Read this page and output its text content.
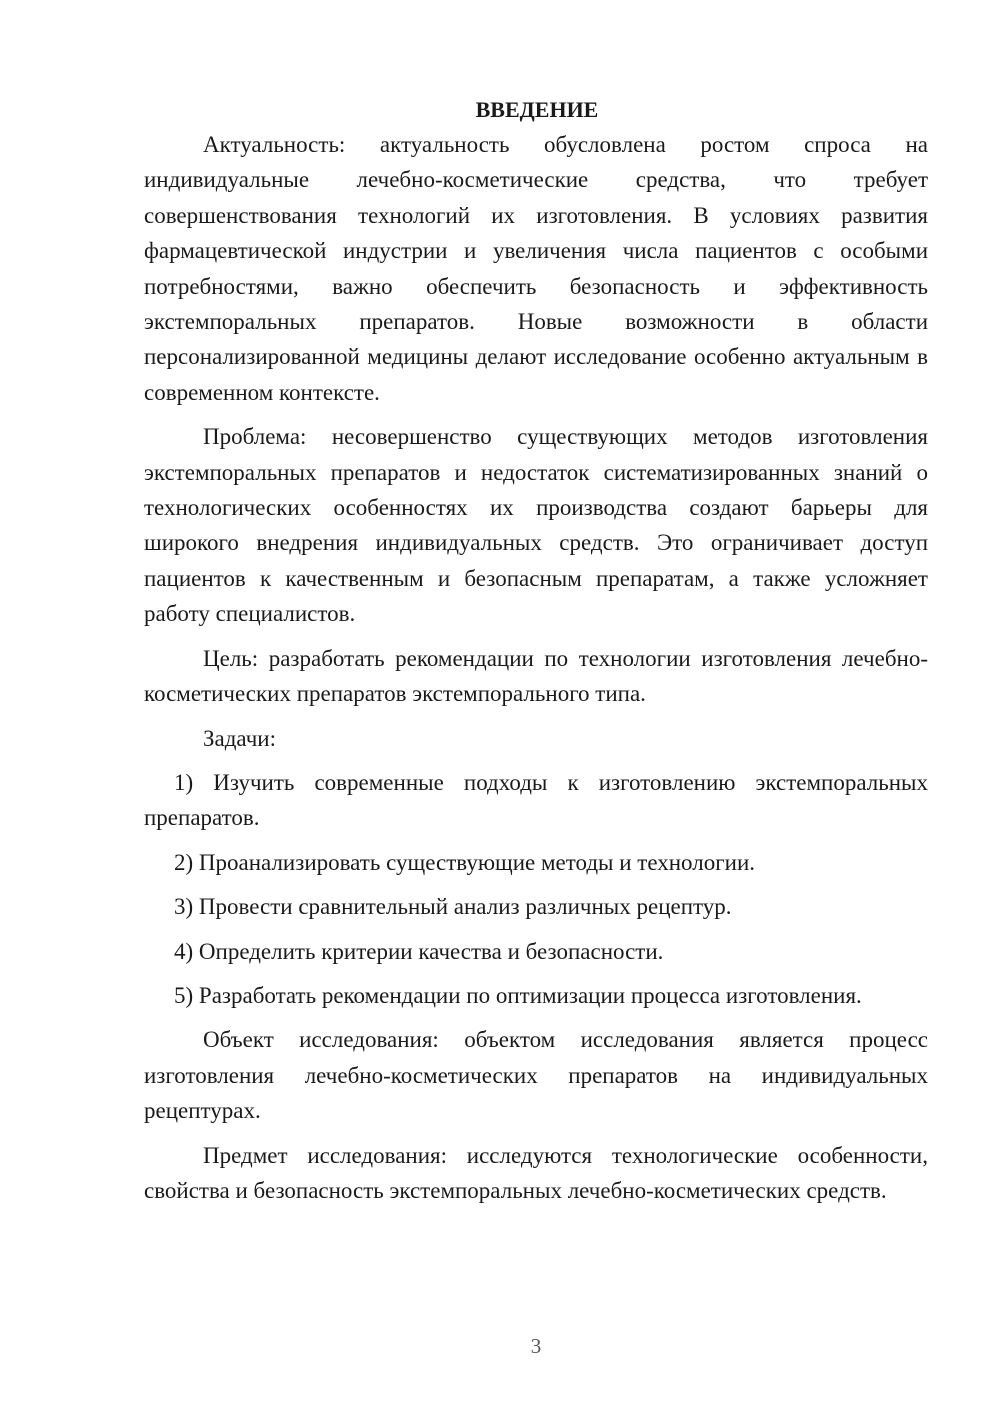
ВВЕДЕНИЕ

Актуальность: актуальность обусловлена ростом спроса на индивидуальные лечебно-косметические средства, что требует совершенствования технологий их изготовления. В условиях развития фармацевтической индустрии и увеличения числа пациентов с особыми потребностями, важно обеспечить безопасность и эффективность экстемпоральных препаратов. Новые возможности в области персонализированной медицины делают исследование особенно актуальным в современном контексте.

Проблема: несовершенство существующих методов изготовления экстемпоральных препаратов и недостаток систематизированных знаний о технологических особенностях их производства создают барьеры для широкого внедрения индивидуальных средств. Это ограничивает доступ пациентов к качественным и безопасным препаратам, а также усложняет работу специалистов.

Цель: разработать рекомендации по технологии изготовления лечебно-косметических препаратов экстемпорального типа.

Задачи:

1) Изучить современные подходы к изготовлению экстемпоральных препаратов.

2) Проанализировать существующие методы и технологии.

3) Провести сравнительный анализ различных рецептур.

4) Определить критерии качества и безопасности.

5) Разработать рекомендации по оптимизации процесса изготовления.

Объект исследования: объектом исследования является процесс изготовления лечебно-косметических препаратов на индивидуальных рецептурах.

Предмет исследования: исследуются технологические особенности, свойства и безопасность экстемпоральных лечебно-косметических средств.

3
